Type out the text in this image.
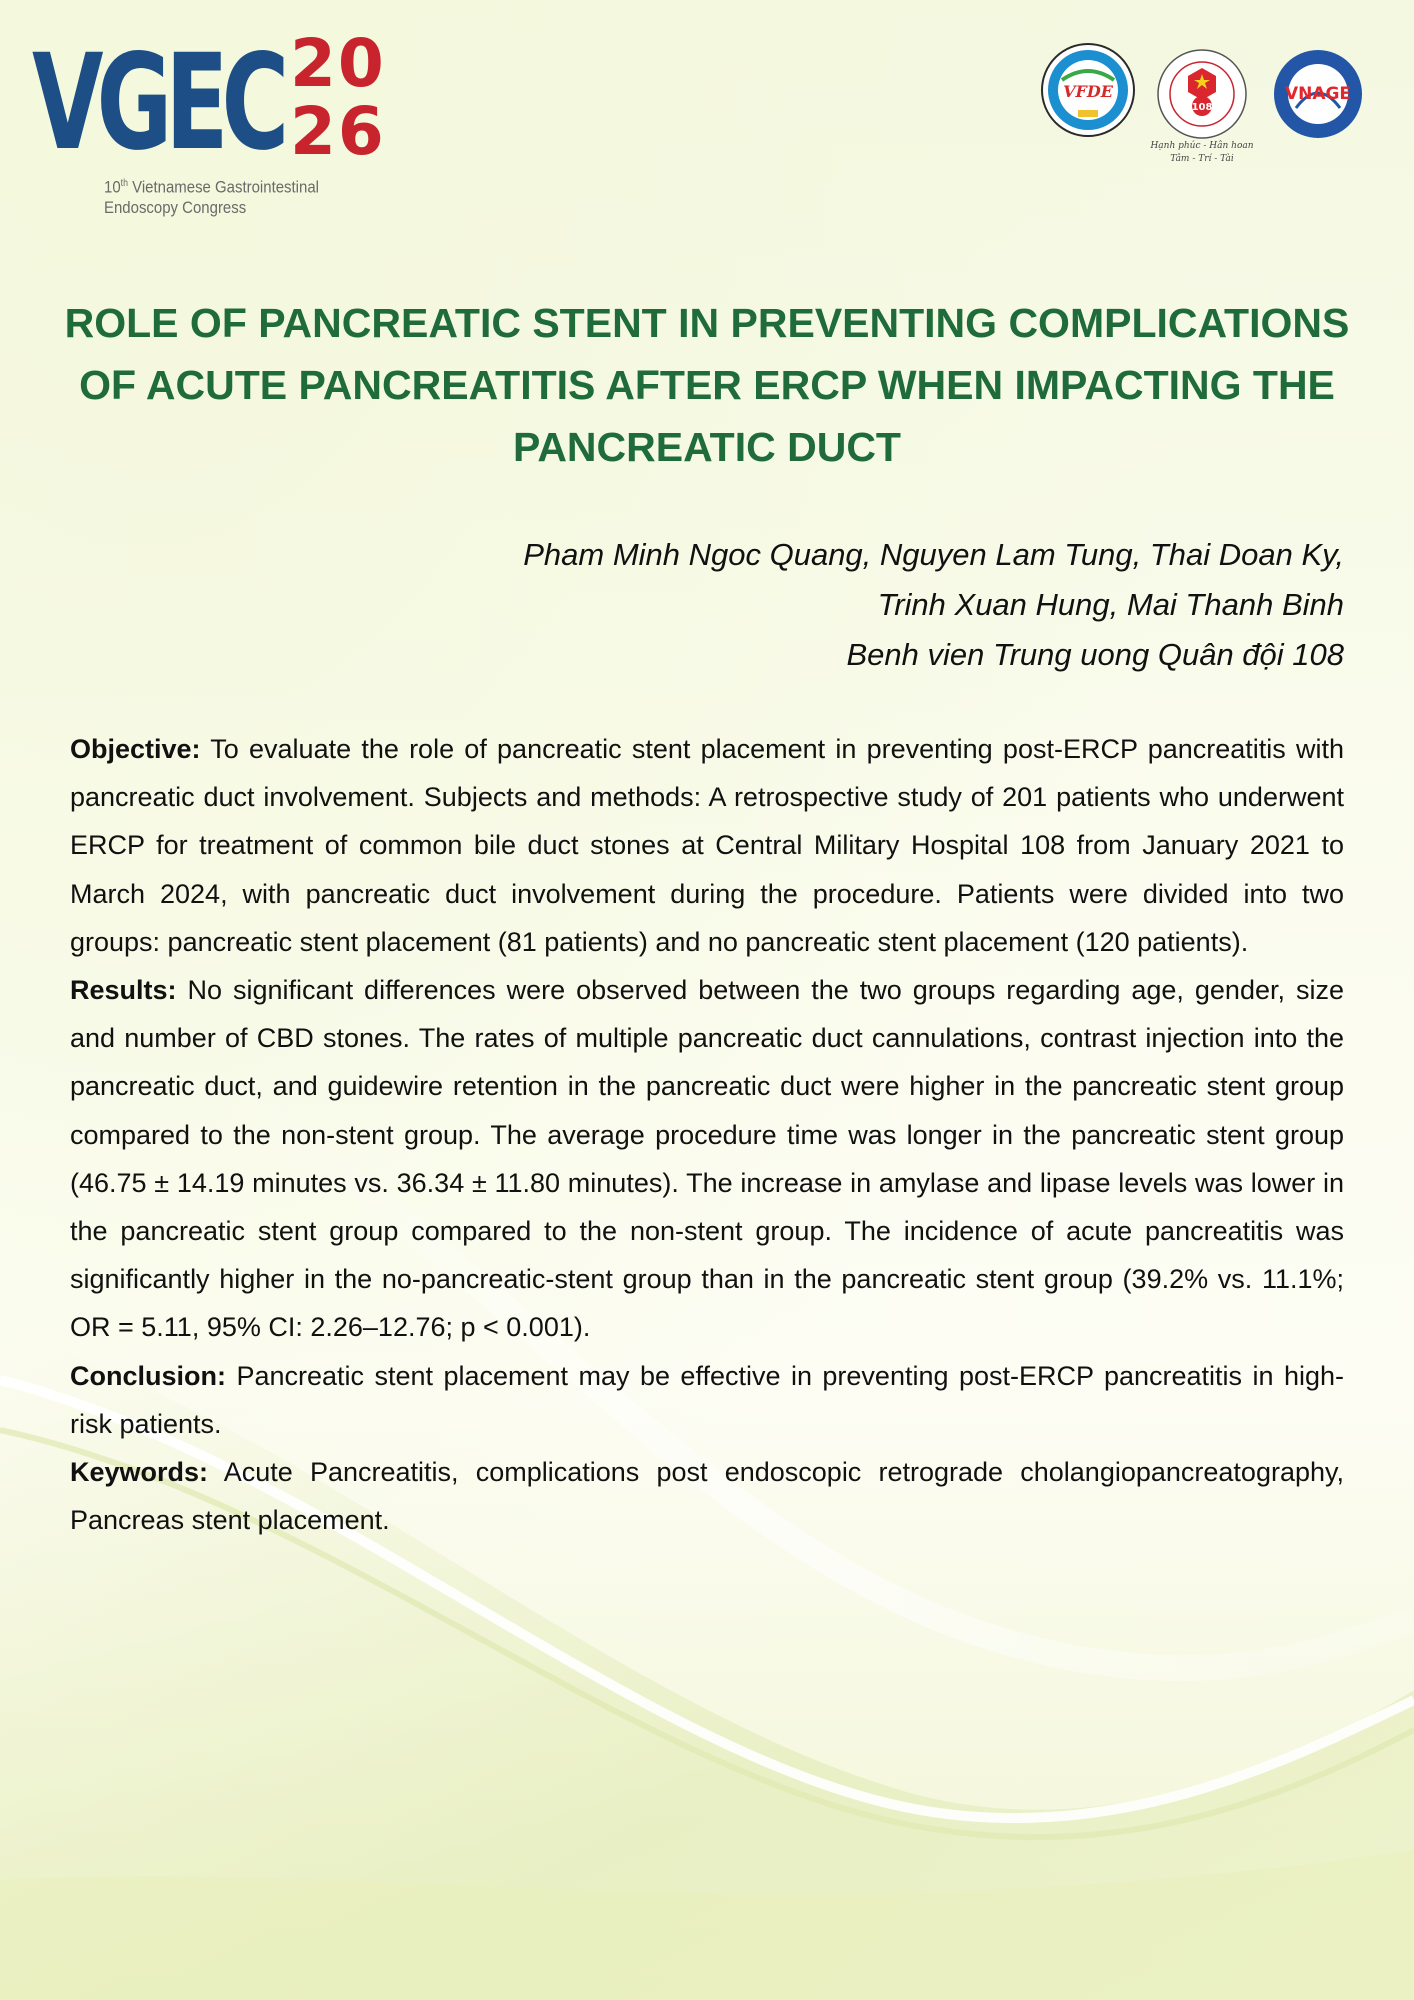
VGEC 20
26
10th Vietnamese Gastrointestinal
Endoscopy Congress
VFDE
108
VNAGE
Hạnh phúc - Hân hoan
Tâm - Trí - Tài
ROLE OF PANCREATIC STENT IN PREVENTING COMPLICATIONS OF ACUTE PANCREATITIS AFTER ERCP WHEN IMPACTING THE PANCREATIC DUCT
Pham Minh Ngoc Quang, Nguyen Lam Tung, Thai Doan Ky,
Trinh Xuan Hung, Mai Thanh Binh
Benh vien Trung uong Quân đội 108

Objective: To evaluate the role of pancreatic stent placement in preventing post-ERCP pancreatitis with pancreatic duct involvement. Subjects and methods: A retrospective study of 201 patients who underwent ERCP for treatment of common bile duct stones at Central Military Hospital 108 from January 2021 to March 2024, with pancreatic duct involvement during the procedure. Patients were divided into two groups: pancreatic stent placement (81 patients) and no pancreatic stent placement (120 patients).

Results: No significant differences were observed between the two groups regarding age, gender, size and number of CBD stones. The rates of multiple pancreatic duct cannulations, contrast injection into the pancreatic duct, and guidewire retention in the pancreatic duct were higher in the pancreatic stent group compared to the non-stent group. The average procedure time was longer in the pancreatic stent group (46.75 ± 14.19 minutes vs. 36.34 ± 11.80 minutes). The increase in amylase and lipase levels was lower in the pancreatic stent group compared to the non-stent group. The incidence of acute pancreatitis was significantly higher in the no-pancreatic-stent group than in the pancreatic stent group (39.2% vs. 11.1%; OR = 5.11, 95% CI: 2.26–12.76; p < 0.001).

Conclusion: Pancreatic stent placement may be effective in preventing post-ERCP pancreatitis in high-risk patients.

Keywords: Acute Pancreatitis, complications post endoscopic retrograde cholangiopancreatography, Pancreas stent placement.
